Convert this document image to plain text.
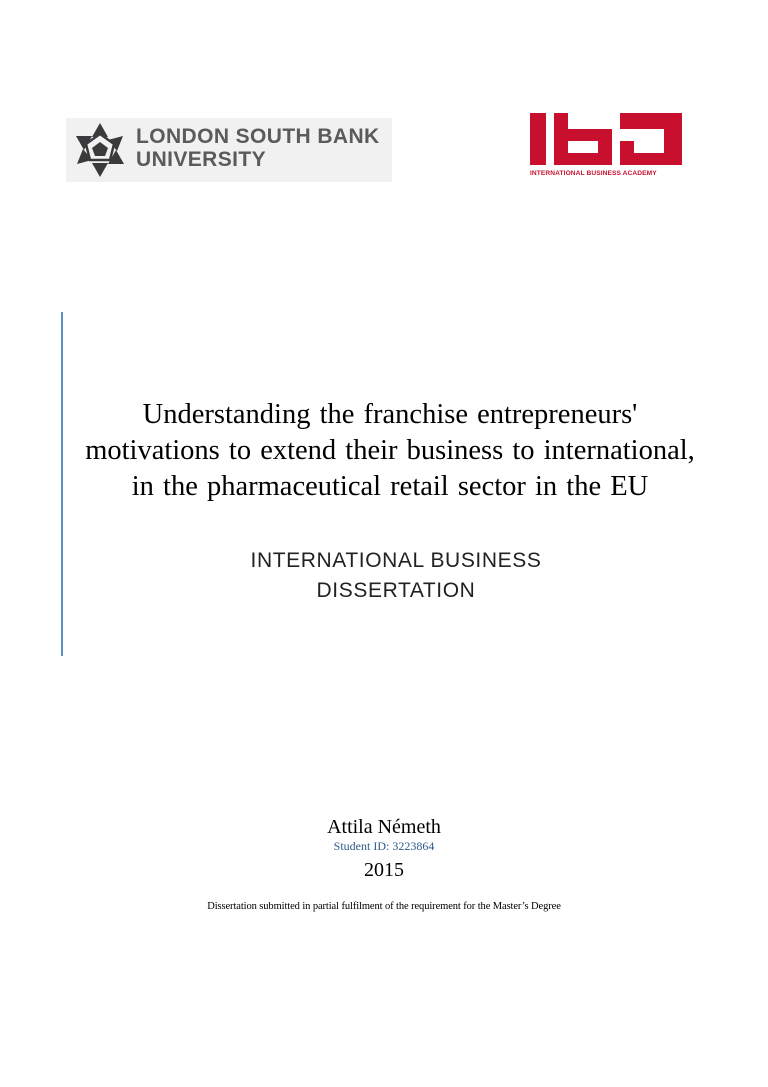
LONDON SOUTH BANK
UNIVERSITY
INTERNATIONAL BUSINESS ACADEMY
Understanding the franchise entrepreneurs'
motivations to extend their business to international,
in the pharmaceutical retail sector in the EU
INTERNATIONAL BUSINESS
DISSERTATION
Attila Németh
Student ID: 3223864
2015
Dissertation submitted in partial fulfilment of the requirement for the Master’s Degree
